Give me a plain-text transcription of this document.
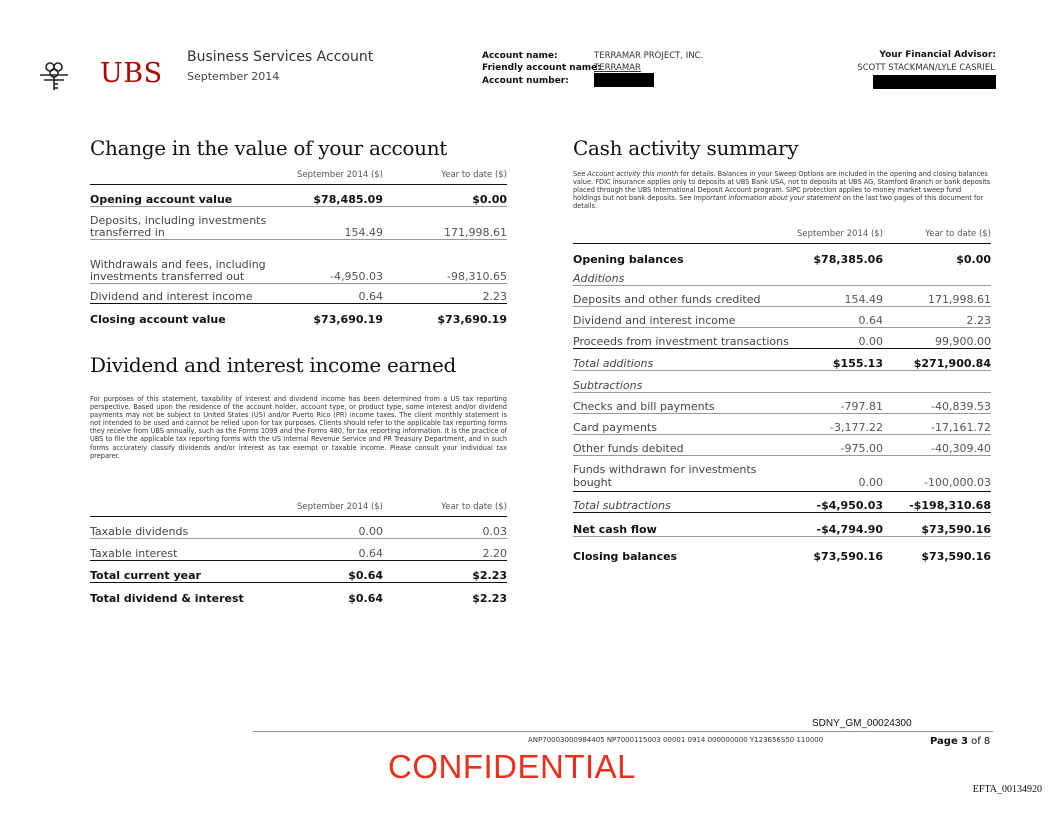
UBS
Business Services Account
September 2014
Account name:	TERRAMAR PROJECT, INC.
Friendly account name:
TERRAMAR
Account number:
Your Financial Advisor:
SCOTT STACKMAN/LYLE CASRIEL
Change in the value of your account
	September 2014 ($)	Year to date ($)
Opening account value	$78,485.09	$0.00
Deposits, including investments transferred in	154.49	171,998.61
Withdrawals and fees, including investments transferred out	-4,950.03	-98,310.65
Dividend and interest income	0.64	2.23
Closing account value	$73,690.19	$73,690.19
Dividend and interest income earned
For purposes of this statement, taxability of interest and dividend income has been determined from a US tax reporting perspective. Based upon the residence of the account holder, account type, or product type, some interest and/or dividend payments may not be subject to United States (US) and/or Puerto Rico (PR) income taxes. The client monthly statement is not intended to be used and cannot be relied upon for tax purposes. Clients should refer to the applicable tax reporting forms they receive from UBS annually, such as the Forms 1099 and the Forms 480, for tax reporting information. It is the practice of UBS to file the applicable tax reporting forms with the US Internal Revenue Service and PR Treasury Department, and in such forms accurately classify dividends and/or interest as tax exempt or taxable income. Please consult your individual tax preparer.
	September 2014 ($)	Year to date ($)
Taxable dividends	0.00	0.03
Taxable interest	0.64	2.20
Total current year	$0.64	$2.23
Total dividend & interest	$0.64	$2.23
Cash activity summary
See Account activity this month for details. Balances in your Sweep Options are included in the opening and closing balances value. FDIC insurance applies only to deposits at UBS Bank USA, not to deposits at UBS AG, Stamford Branch or bank deposits placed through the UBS International Deposit Account program. SIPC protection applies to money market sweep fund holdings but not bank deposits. See Important information about your statement on the last two pages of this document for details.
	September 2014 ($)	Year to date ($)
Opening balances	$78,385.06	$0.00
Additions		
Deposits and other funds credited	154.49	171,998.61
Dividend and interest income	0.64	2.23
Proceeds from investment transactions	0.00	99,900.00
Total additions	$155.13	$271,900.84
Subtractions		
Checks and bill payments	-797.81	-40,839.53
Card payments	-3,177.22	-17,161.72
Other funds debited	-975.00	-40,309.40
Funds withdrawn for investments bought	0.00	-100,000.03
Total subtractions	-$4,950.03	-$198,310.68
Net cash flow	-$4,794.90	$73,590.16
Closing balances	$73,590.16	$73,590.16
SDNY_GM_00024300
ANP70003000984405 NP7000115003 00001 0914 000000000 Y123656S50 110000	Page 3 of 8
CONFIDENTIAL
EFTA_00134920
